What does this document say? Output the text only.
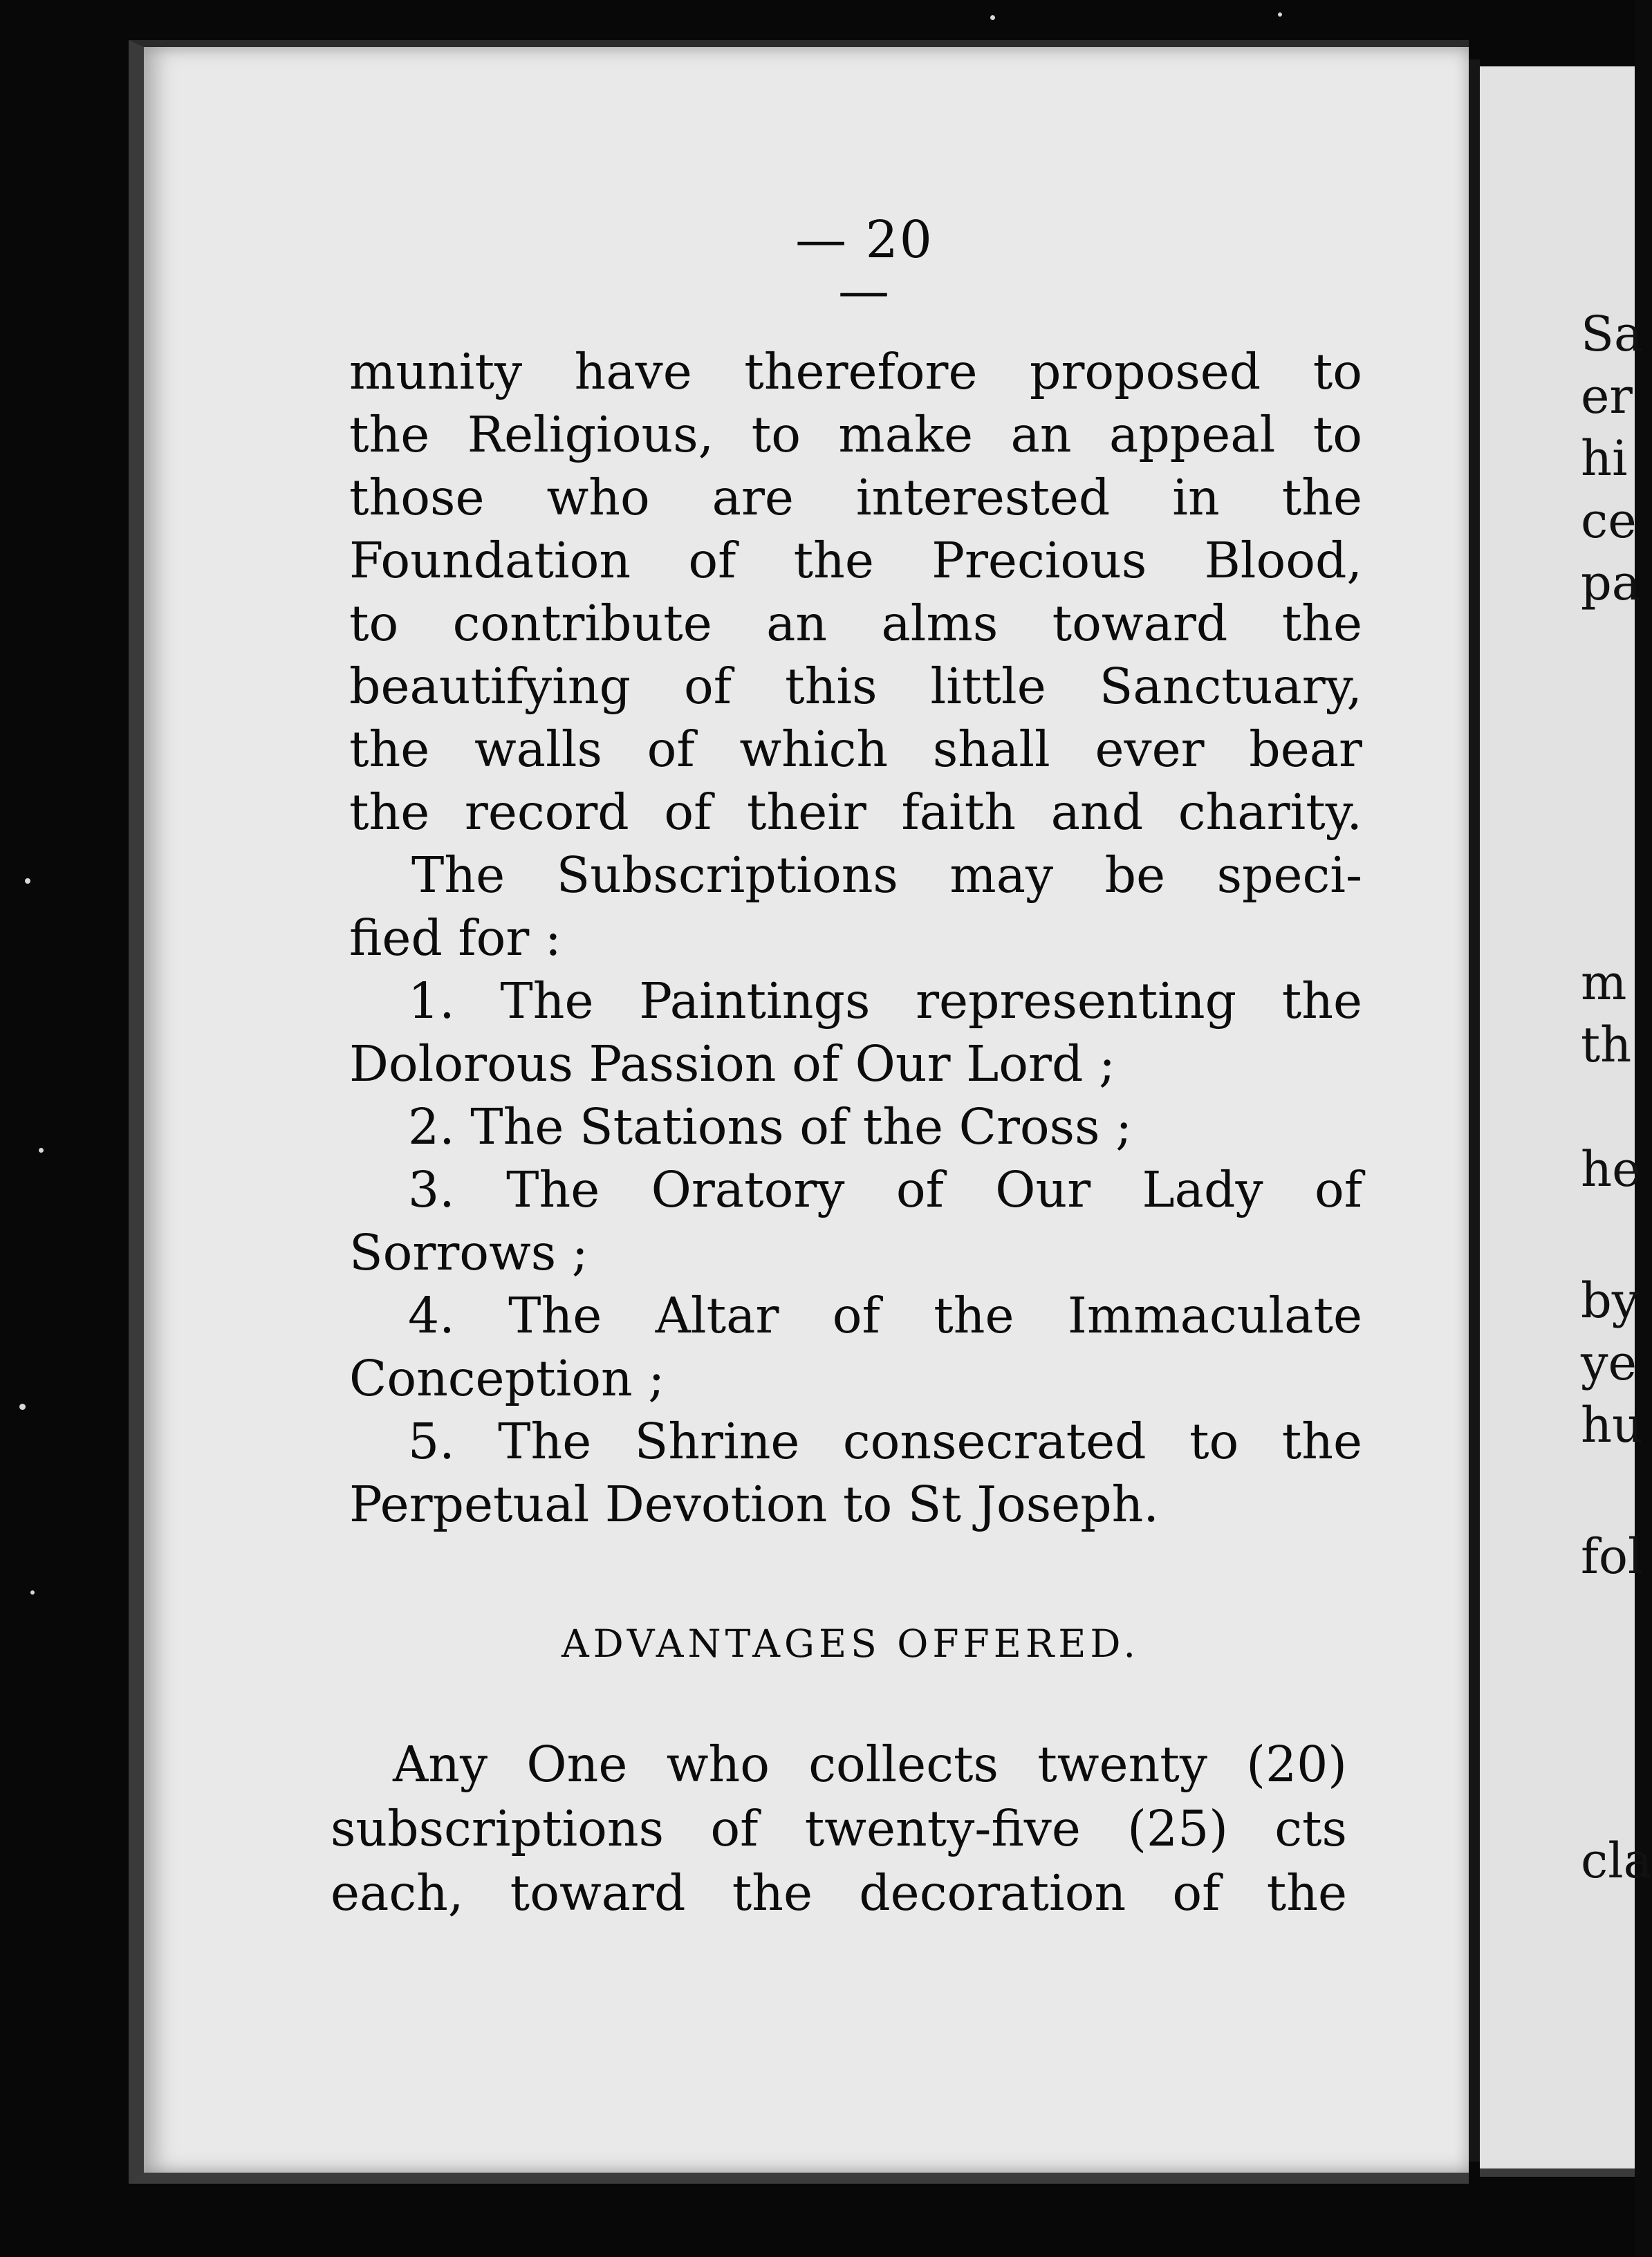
Sa
er
hi
ce
pa
m
th
he
by
ye
hu
fol
cla
— 20 —
munity have therefore proposed to
the Religious, to make an appeal to
those who are interested in the
Foundation of the Precious Blood,
to contribute an alms toward the
beautifying of this little Sanctuary,
the walls of which shall ever bear
the record of their faith and charity.
The Subscriptions may be speci-
fied for :
1. The Paintings representing the
Dolorous Passion of Our Lord ;
2. The Stations of the Cross ;
3. The Oratory of Our Lady of
Sorrows ;
4. The Altar of the Immaculate
Conception ;
5. The Shrine consecrated to the
Perpetual Devotion to St Joseph.
ADVANTAGES OFFERED.
Any One who collects twenty (20)
subscriptions of twenty-five (25) cts
each, toward the decoration of the
